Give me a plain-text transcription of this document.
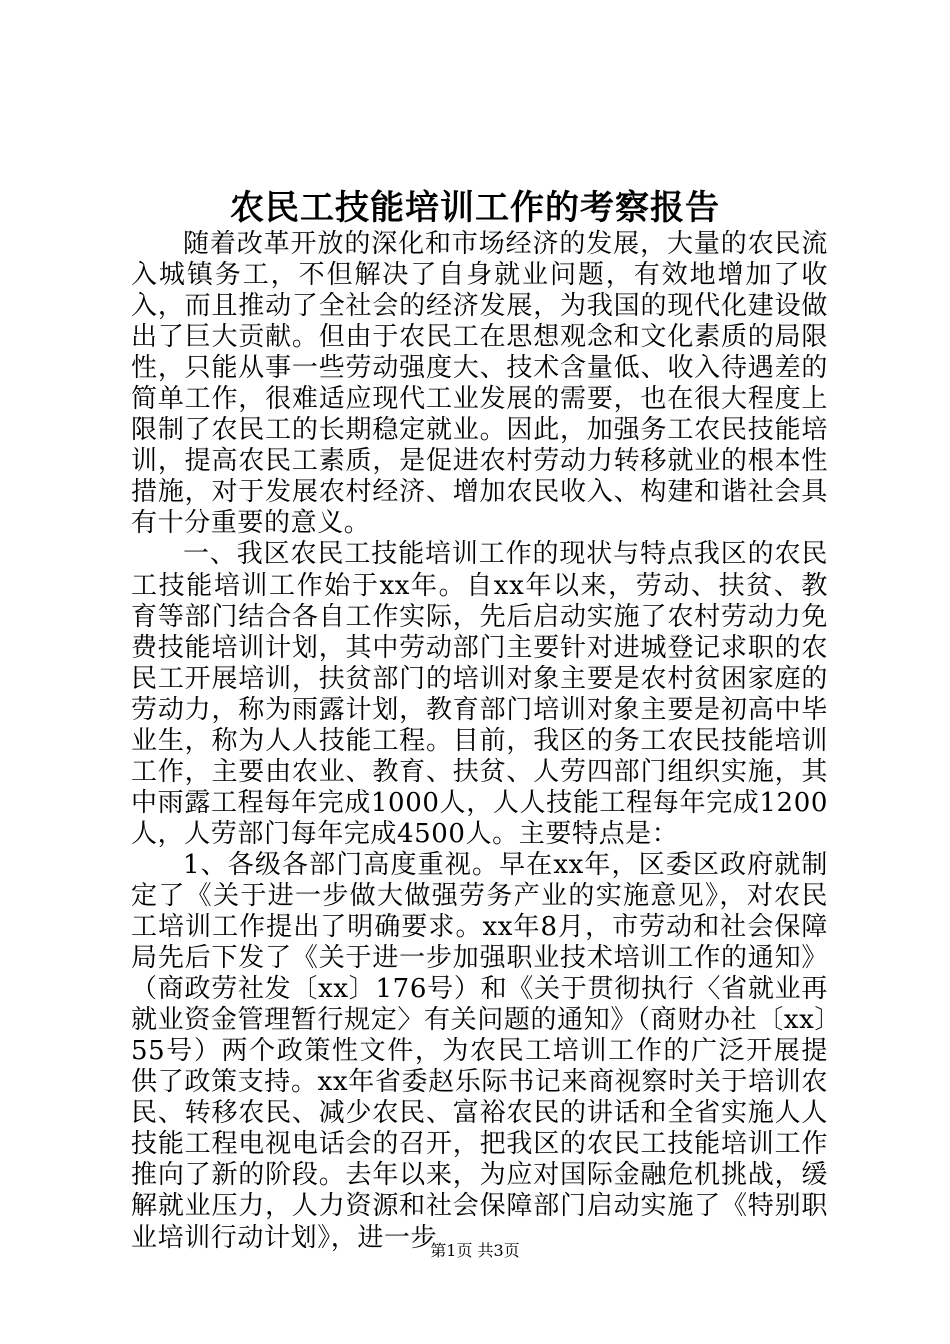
农民工技能培训工作的考察报告

随着改革开放的深化和市场经济的发展，大量的农民流入城镇务工，不但解决了自身就业问题，有效地增加了收入，而且推动了全社会的经济发展，为我国的现代化建设做出了巨大贡献。但由于农民工在思想观念和文化素质的局限性，只能从事一些劳动强度大、技术含量低、收入待遇差的简单工作，很难适应现代工业发展的需要，也在很大程度上限制了农民工的长期稳定就业。因此，加强务工农民技能培训，提高农民工素质，是促进农村劳动力转移就业的根本性措施，对于发展农村经济、增加农民收入、构建和谐社会具有十分重要的意义。

一、我区农民工技能培训工作的现状与特点我区的农民工技能培训工作始于xx年。自xx年以来，劳动、扶贫、教育等部门结合各自工作实际，先后启动实施了农村劳动力免费技能培训计划，其中劳动部门主要针对进城登记求职的农民工开展培训，扶贫部门的培训对象主要是农村贫困家庭的劳动力，称为雨露计划，教育部门培训对象主要是初高中毕业生，称为人人技能工程。目前，我区的务工农民技能培训工作，主要由农业、教育、扶贫、人劳四部门组织实施，其中雨露工程每年完成1000人，人人技能工程每年完成1200人，人劳部门每年完成4500人。主要特点是：

1、各级各部门高度重视。早在xx年，区委区政府就制定了《关于进一步做大做强劳务产业的实施意见》，对农民工培训工作提出了明确要求。xx年8月，市劳动和社会保障局先后下发了《关于进一步加强职业技术培训工作的通知》（商政劳社发〔xx〕176号）和《关于贯彻执行〈省就业再就业资金管理暂行规定〉有关问题的通知》（商财办社〔xx〕55号）两个政策性文件，为农民工培训工作的广泛开展提供了政策支持。xx年省委赵乐际书记来商视察时关于培训农民、转移农民、减少农民、富裕农民的讲话和全省实施人人技能工程电视电话会的召开，把我区的农民工技能培训工作推向了新的阶段。去年以来，为应对国际金融危机挑战，缓解就业压力，人力资源和社会保障部门启动实施了《特别职业培训行动计划》，进一步

第1页 共3页
